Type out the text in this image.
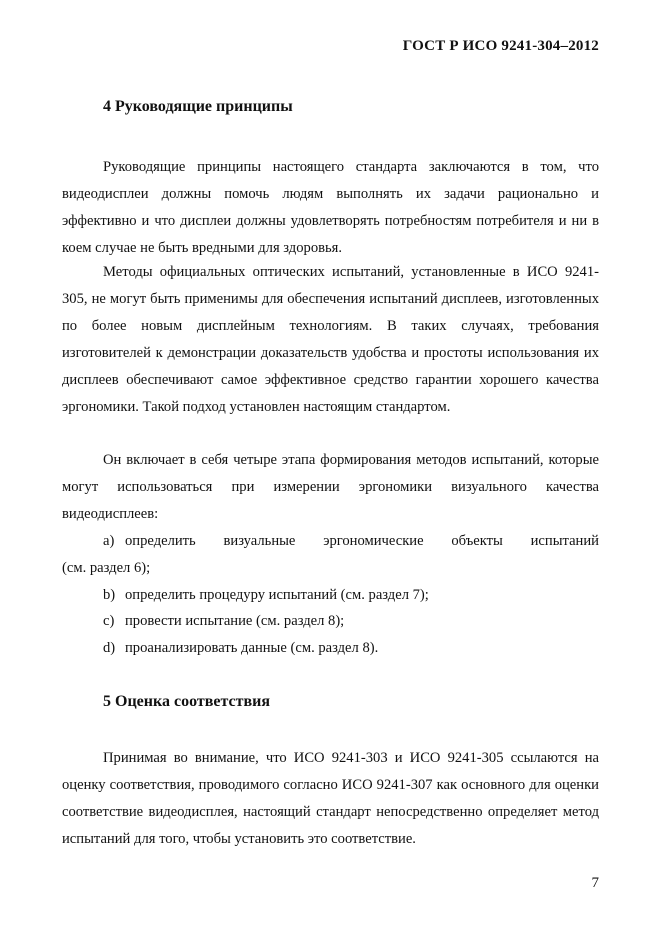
ГОСТ Р ИСО 9241-304–2012
4 Руководящие принципы

Руководящие принципы настоящего стандарта заключаются в том, что видеодисплеи должны помочь людям выполнять их задачи рационально и эффективно и что дисплеи должны удовлетворять потребностям потребителя и ни в коем случае не быть вредными для здоровья.

Методы официальных оптических испытаний, установленные в ИСО 9241-305, не могут быть применимы для обеспечения испытаний дисплеев, изготовленных по более новым дисплейным технологиям. В таких случаях, требования изготовителей к демонстрации доказательств удобства и простоты использования их дисплеев обеспечивают самое эффективное средство гарантии хорошего качества эргономики. Такой подход установлен настоящим стандартом.

Он включает в себя четыре этапа формирования методов испытаний, которые могут использоваться при измерении эргономики визуального качества видеодисплеев:

a) определить визуальные эргономические объекты испытаний
(см. раздел 6);

b) определить процедуру испытаний (см. раздел 7);

c) провести испытание (см. раздел 8);

d) проанализировать данные (см. раздел 8).

5 Оценка соответствия

Принимая во внимание, что ИСО 9241-303 и ИСО 9241-305 ссылаются на оценку соответствия, проводимого согласно ИСО 9241-307 как основного для оценки соответствие видеодисплея, настоящий стандарт непосредственно определяет метод испытаний для того, чтобы установить это соответствие.

7
